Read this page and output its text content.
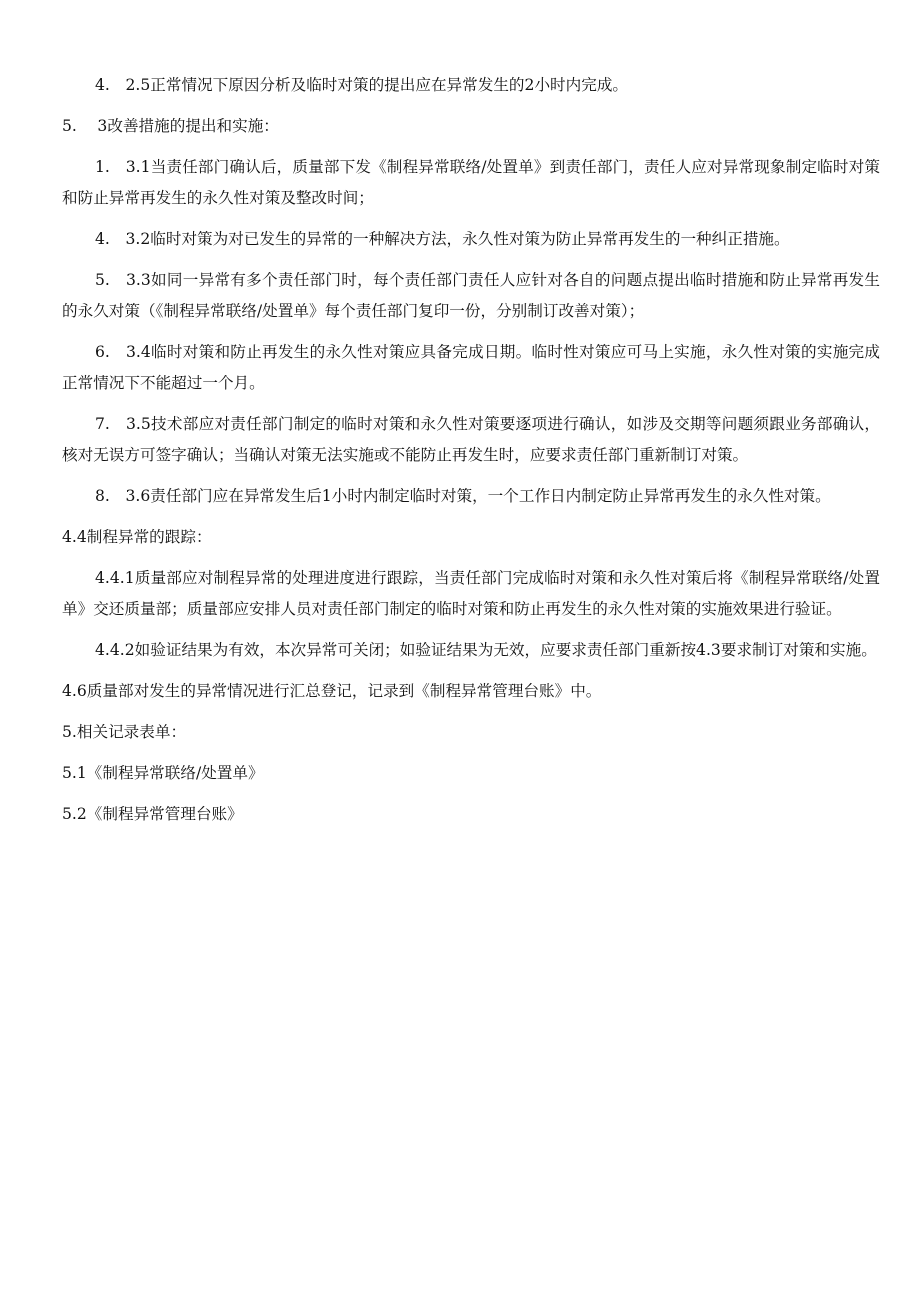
4.　2.5正常情况下原因分析及临时对策的提出应在异常发生的2小时内完成。

5.　 3改善措施的提出和实施：

1.　3.1当责任部门确认后，质量部下发《制程异常联络/处置单》到责任部门，责任人应对异常现象制定临时对策和防止异常再发生的永久性对策及整改时间；

4.　3.2临时对策为对已发生的异常的一种解决方法，永久性对策为防止异常再发生的一种纠正措施。

5.　3.3如同一异常有多个责任部门时，每个责任部门责任人应针对各自的问题点提出临时措施和防止异常再发生的永久对策（《制程异常联络/处置单》每个责任部门复印一份，分别制订改善对策）；

6.　3.4临时对策和防止再发生的永久性对策应具备完成日期。临时性对策应可马上实施，永久性对策的实施完成正常情况下不能超过一个月。

7.　3.5技术部应对责任部门制定的临时对策和永久性对策要逐项进行确认，如涉及交期等问题须跟业务部确认，核对无误方可签字确认；当确认对策无法实施或不能防止再发生时，应要求责任部门重新制订对策。

8.　3.6责任部门应在异常发生后1小时内制定临时对策，一个工作日内制定防止异常再发生的永久性对策。

4.4制程异常的跟踪：

4.4.1质量部应对制程异常的处理进度进行跟踪，当责任部门完成临时对策和永久性对策后将《制程异常联络/处置单》交还质量部；质量部应安排人员对责任部门制定的临时对策和防止再发生的永久性对策的实施效果进行验证。

4.4.2如验证结果为有效，本次异常可关闭；如验证结果为无效，应要求责任部门重新按4.3要求制订对策和实施。

4.6质量部对发生的异常情况进行汇总登记，记录到《制程异常管理台账》中。

5.相关记录表单：

5.1《制程异常联络/处置单》

5.2《制程异常管理台账》
